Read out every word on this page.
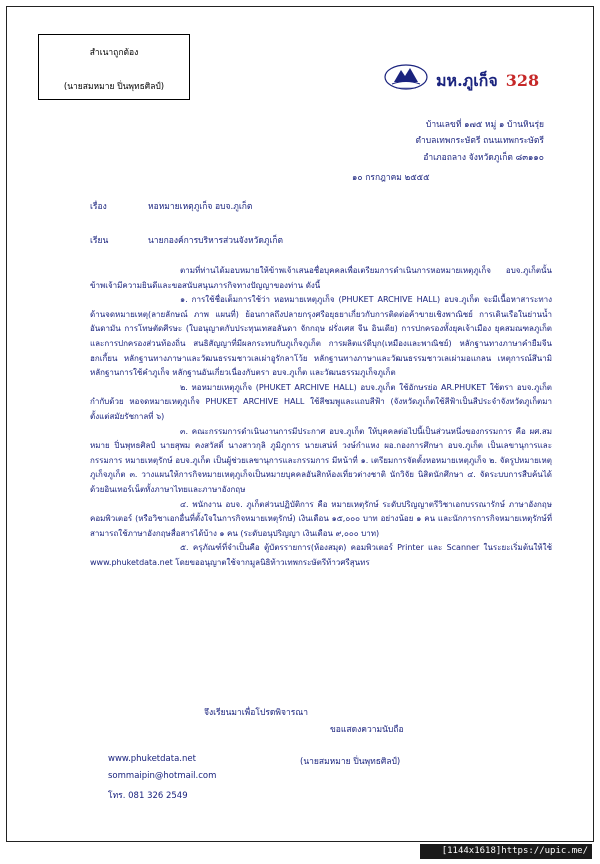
สำเนาถูกต้อง
(นายสมหมาย ปิ่นพุทธศิลป์)	มห.ภูเก็จ 328
บ้านเลขที่ ๑๗๕ หมู่ ๑ บ้านหินรุ่ย
ตำบลเทพกระษัตรี ถนนเทพกระษัตรี
อำเภอถลาง จังหวัดภูเก็ต ๘๓๑๑๐
๑๐ กรกฎาคม ๒๕๕๕
เรื่อง	หอหมายเหตุภูเก็จ อบจ.ภูเก็ต
เรียน	นายกองค์การบริหารส่วนจังหวัดภูเก็ต

ตามที่ท่านได้มอบหมายให้ข้าพเจ้าเสนอชื่อบุคคลเพื่อเตรียมการดำเนินการหอหมายเหตุภูเก็จ อบจ.ภูเก็ตนั้น ข้าพเจ้ามีความยินดีและขอสนับสนุนภารกิจทางปัญญาของท่าน ดังนี้

๑. การใช้ชื่อเต็มการใช้ว่า หอหมายเหตุภูเก็จ (PHUKET ARCHIVE HALL) อบจ.ภูเก็ต จะมีเนื้อหาสาระทางด้านจดหมายเหตุ(ลายลักษณ์ ภาพ แผนที่) ย้อนกาลถึงปลายกรุงศรีอยุธยาเกี่ยวกับการติดต่อค้าขายเชิงพาณิชย์ การเดินเรือในย่านน้ำอันดามัน การโทษตัดศีรษะ (ใบอนุญาตกับประทุนเทสอลันดา จักกฤษ ฝรั่งเศส จีน อินเดีย) การปกครองทั้งยุคเจ้าเมือง ยุคสมณฑลภูเก็ตและการปกครองส่วนท้องถิ่น สนธิสัญญาที่มีผลกระทบกับภูเก็จภูเก็ต การผลิตแร่ดีบุก(เหมืองและพาณิชย์) หลักฐานทางภาษาคำยืมจีนฮกเกี้ยน หลักฐานทางภาษาและวัฒนธรรมชาวเลเผ่าอูรักลาโว้ย หลักฐานทางภาษาและวัฒนธรรมชาวเลเผ่ามอแกลน เหตุการณ์สึนามิ หลักฐานการใช้คำภูเก็จ หลักฐานอันเกี่ยวเนื่องกับตรา อบจ.ภูเก็ต และวัฒนธรรมภูเก็จภูเก็ต

๒. หอหมายเหตุภูเก็จ (PHUKET ARCHIVE HALL) อบจ.ภูเก็ต ใช้อักษรย่อ AR.PHUKET ใช้ตรา อบจ.ภูเก็ต กำกับด้วย หอจดหมายเหตุภูเก็จ PHUKET ARCHIVE HALL ใช้สีชมพูและแถบสีฟ้า (จังหวัดภูเก็ตใช้สีฟ้าเป็นสีประจำจังหวัดภูเก็ตมาตั้งแต่สมัยรัชกาลที่ ๖)

๓. คณะกรรมการดำเนินงานการมีประกาศ อบจ.ภูเก็ต ให้บุคคลต่อไปนี้เป็นส่วนหนึ่งของกรรมการ คือ ผศ.สมหมาย ปิ่นพุทธศิลป์ นายสุพม คงสวัสดิ์ นางสาวกุลิ ภูมิภูการ นายเสน่ห์ วงษ์กำแหง ผอ.กองการศึกษา อบจ.ภูเก็ต เป็นเลขานุการและกรรมการ หมายเหตุรักษ์ อบจ.ภูเก็ต เป็นผู้ช่วยเลขานุการและกรรมการ มีหน้าที่ ๑. เตรียมการจัดตั้งหอหมายเหตุภูเก็จ ๒. จัดรูปหมายเหตุภูเก็จภูเก็ต ๓. วางแผนให้การกิจหมายเหตุภูเก็จเป็นหมายบุคคลอันสิกห้องเที่ยวต่างชาติ นักวิจัย นิสิตนักศึกษา ๔. จัดระบบการสืบค้นได้ด้วยอินเทอร์เน็ตทั้งภาษาไทยและภาษาอังกฤษ

๔. พนักงาน อบจ. ภูเก็ตส่วนปฏิบัติการ คือ หมายเหตุรักษ์ ระดับปริญญาตรีวิชาเอกบรรณารักษ์ ภาษาอังกฤษ คอมพิวเตอร์ (หรือวิชาเอกอื่นที่ตั้งใจในการกิจหมายเหตุรักษ์) เงินเดือน ๑๕,๐๐๐ บาท อย่างน้อย ๑ คน และนักการการกิจหมายเหตุรักษ์ที่สามารถใช้ภาษาอังกฤษสื่อสารได้บ้าง ๑ คน (ระดับอนุปริญญา เงินเดือน ๙,๐๐๐ บาท)

๕. ครุภัณฑ์ที่จำเป็นคือ ตู้บัตรรายการ(ห้องสมุด) คอมพิวเตอร์ Printer และ Scanner ในระยะเริ่มต้นให้ใช้ www.phuketdata.net โดยขออนุญาตใช้จากมูลนิธิท้าวเทพกระษัตรีท้าวศรีสุนทร

จึงเรียนมาเพื่อโปรดพิจารณา
ขอแสดงความนับถือ
(นายสมหมาย ปิ่นพุทธศิลป์)
www.phuketdata.net
sommaipin@hotmail.com
โทร. 081 326 2549
[1144x1618]https://upic.me/
